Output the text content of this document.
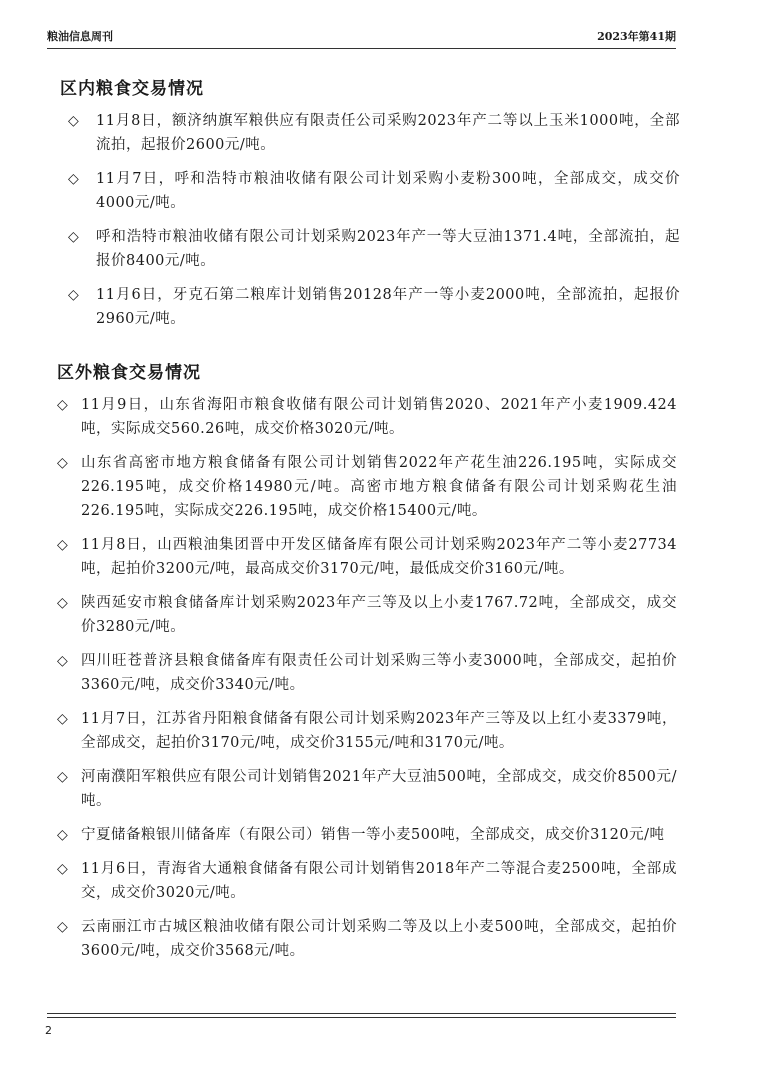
粮油信息周刊	2023年第41期
区内粮食交易情况
◇ 11月8日，额济纳旗军粮供应有限责任公司采购2023年产二等以上玉米1000吨，全部流拍，起报价2600元/吨。
◇ 11月7日，呼和浩特市粮油收储有限公司计划采购小麦粉300吨，全部成交，成交价4000元/吨。
◇ 呼和浩特市粮油收储有限公司计划采购2023年产一等大豆油1371.4吨，全部流拍，起报价8400元/吨。
◇ 11月6日，牙克石第二粮库计划销售20128年产一等小麦2000吨，全部流拍，起报价2960元/吨。
区外粮食交易情况
◇ 11月9日，山东省海阳市粮食收储有限公司计划销售2020、2021年产小麦1909.424吨，实际成交560.26吨，成交价格3020元/吨。
◇ 山东省高密市地方粮食储备有限公司计划销售2022年产花生油226.195吨，实际成交226.195吨，成交价格14980元/吨。高密市地方粮食储备有限公司计划采购花生油226.195吨，实际成交226.195吨，成交价格15400元/吨。
◇ 11月8日，山西粮油集团晋中开发区储备库有限公司计划采购2023年产二等小麦27734吨，起拍价3200元/吨，最高成交价3170元/吨，最低成交价3160元/吨。
◇ 陕西延安市粮食储备库计划采购2023年产三等及以上小麦1767.72吨，全部成交，成交价3280元/吨。
◇ 四川旺苍普济县粮食储备库有限责任公司计划采购三等小麦3000吨，全部成交，起拍价3360元/吨，成交价3340元/吨。
◇ 11月7日，江苏省丹阳粮食储备有限公司计划采购2023年产三等及以上红小麦3379吨，全部成交，起拍价3170元/吨，成交价3155元/吨和3170元/吨。
◇ 河南濮阳军粮供应有限公司计划销售2021年产大豆油500吨，全部成交，成交价8500元/吨。
◇ 宁夏储备粮银川储备库（有限公司）销售一等小麦500吨，全部成交，成交价3120元/吨
◇ 11月6日，青海省大通粮食储备有限公司计划销售2018年产二等混合麦2500吨，全部成交，成交价3020元/吨。
◇ 云南丽江市古城区粮油收储有限公司计划采购二等及以上小麦500吨，全部成交，起拍价3600元/吨，成交价3568元/吨。
2
